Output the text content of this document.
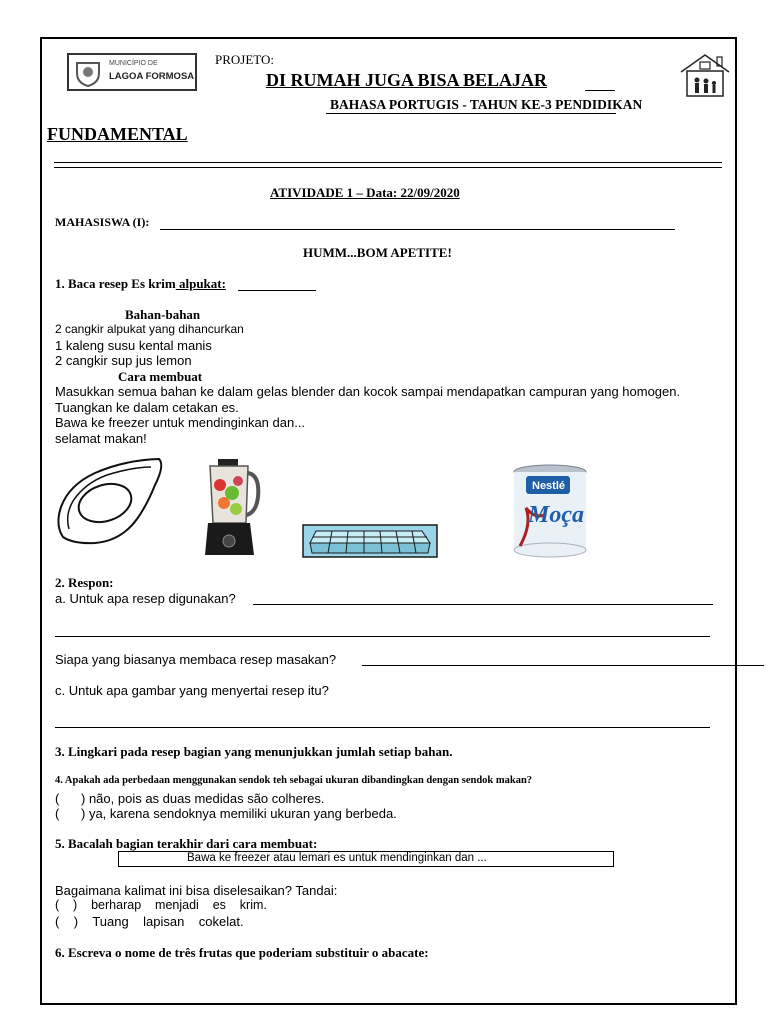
MUNICÍPIO DE
LAGOA FORMOSA
PROJETO:
DI RUMAH JUGA BISA BELAJAR
BAHASA PORTUGIS - TAHUN KE-3 PENDIDIKAN
FUNDAMENTAL
ATIVIDADE 1 – Data: 22/09/2020
MAHASISWA (I):
HUMM...BOM APETITE!
1. Baca resep Es krim alpukat:
Bahan-bahan
2 cangkir alpukat yang dihancurkan
1 kaleng susu kental manis
2 cangkir sup jus lemon
Cara membuat
Masukkan semua bahan ke dalam gelas blender dan kocok sampai mendapatkan campuran yang homogen.
Tuangkan ke dalam cetakan es.
Bawa ke freezer untuk mendinginkan dan...
selamat makan!
Nestlé
Moça
2. Respon:
a. Untuk apa resep digunakan?
Siapa yang biasanya membaca resep masakan?
c. Untuk apa gambar yang menyertai resep itu?
3. Lingkari pada resep bagian yang menunjukkan jumlah setiap bahan.
4. Apakah ada perbedaan menggunakan sendok teh sebagai ukuran dibandingkan dengan sendok makan?
(      ) não, pois as duas medidas são colheres.
(      ) ya, karena sendoknya memiliki ukuran yang berbeda.
5. Bacalah bagian terakhir dari cara membuat:
Bawa ke freezer atau lemari es untuk mendinginkan dan ...
Bagaimana kalimat ini bisa diselesaikan? Tandai:
(    )    berharap    menjadi    es    krim.
(    )    Tuang    lapisan    cokelat.
6. Escreva o nome de três frutas que poderiam substituir o abacate:
